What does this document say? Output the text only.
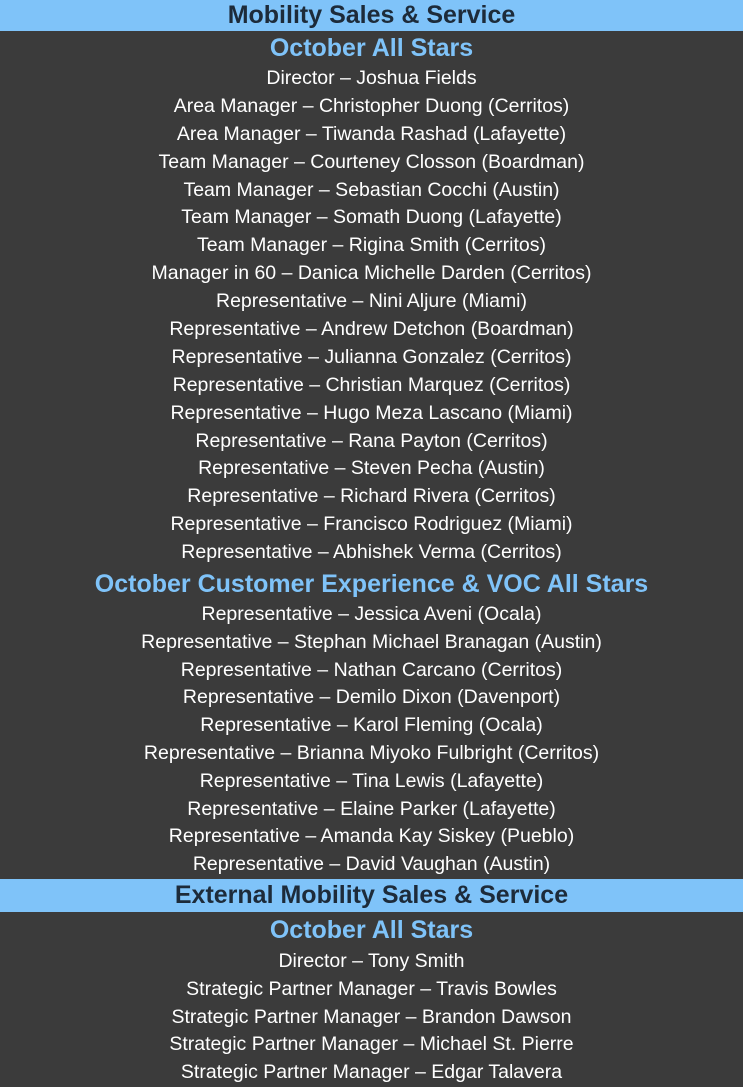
Mobility Sales & Service
October All Stars
Director – Joshua Fields
Area Manager – Christopher Duong (Cerritos)
Area Manager – Tiwanda Rashad (Lafayette)
Team Manager – Courteney Closson (Boardman)
Team Manager – Sebastian Cocchi (Austin)
Team Manager – Somath Duong (Lafayette)
Team Manager – Rigina Smith (Cerritos)
Manager in 60 – Danica Michelle Darden (Cerritos)
Representative – Nini Aljure (Miami)
Representative – Andrew Detchon (Boardman)
Representative – Julianna Gonzalez (Cerritos)
Representative – Christian Marquez (Cerritos)
Representative – Hugo Meza Lascano (Miami)
Representative – Rana Payton (Cerritos)
Representative – Steven Pecha (Austin)
Representative – Richard Rivera (Cerritos)
Representative – Francisco Rodriguez (Miami)
Representative – Abhishek Verma (Cerritos)
October Customer Experience & VOC All Stars
Representative – Jessica Aveni (Ocala)
Representative – Stephan Michael Branagan (Austin)
Representative – Nathan Carcano (Cerritos)
Representative – Demilo Dixon (Davenport)
Representative – Karol Fleming (Ocala)
Representative – Brianna Miyoko Fulbright (Cerritos)
Representative – Tina Lewis (Lafayette)
Representative – Elaine Parker (Lafayette)
Representative – Amanda Kay Siskey (Pueblo)
Representative – David Vaughan (Austin)
External Mobility Sales & Service
October All Stars
Director – Tony Smith
Strategic Partner Manager – Travis Bowles
Strategic Partner Manager – Brandon Dawson
Strategic Partner Manager – Michael St. Pierre
Strategic Partner Manager – Edgar Talavera
